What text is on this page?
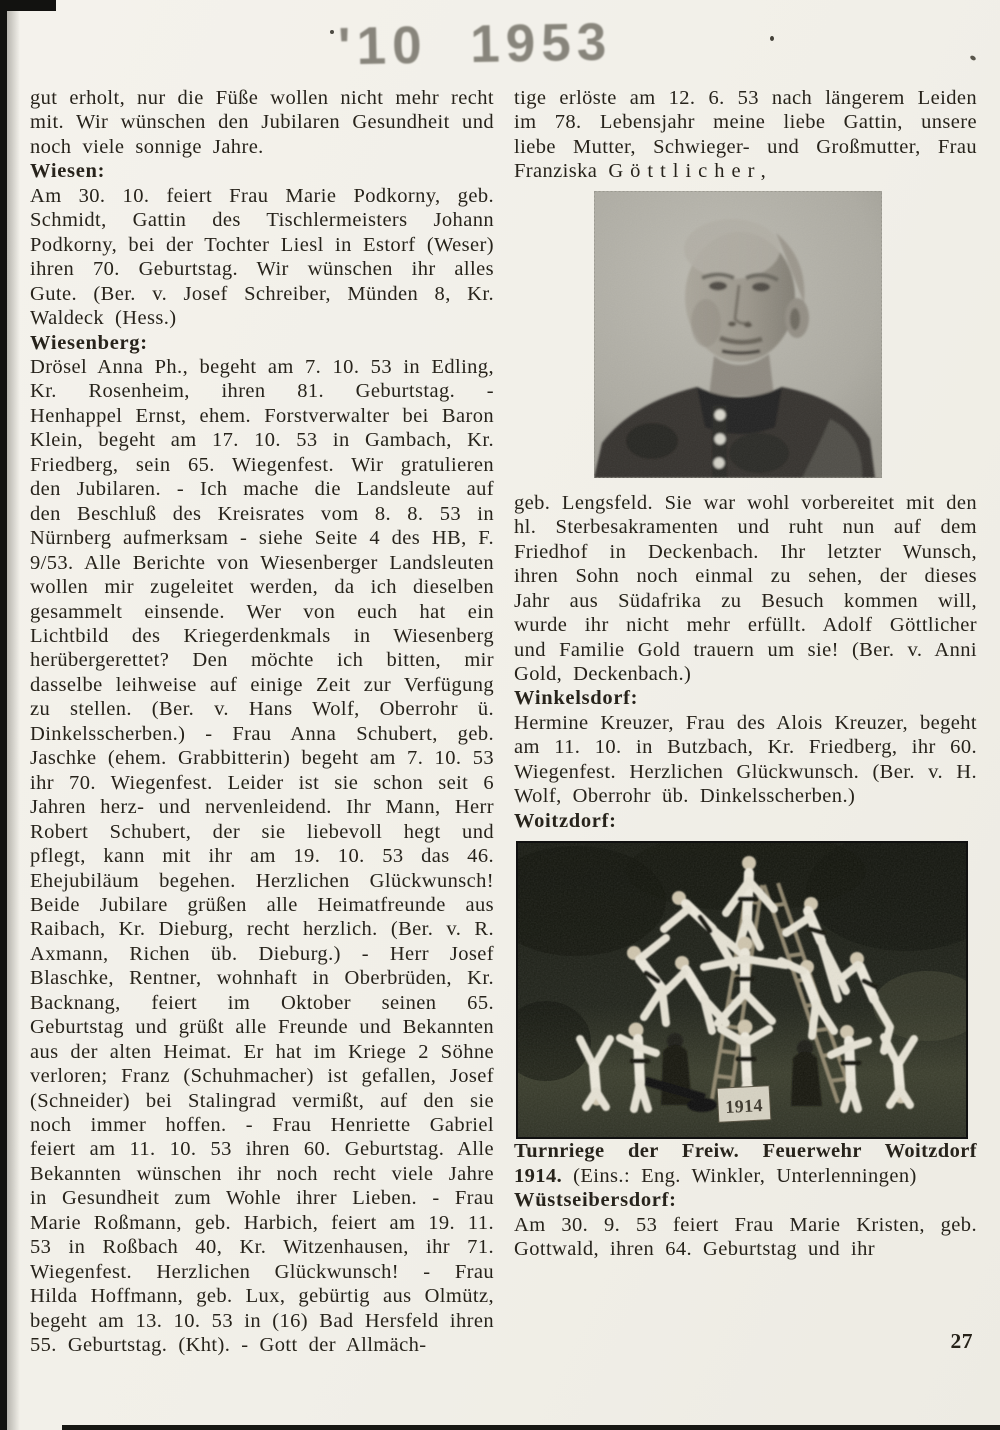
'10 1953

gut erholt, nur die Füße wollen nicht mehr recht mit. Wir wünschen den Jubilaren Gesundheit und noch viele sonnige Jahre.

Wiesen:

Am 30. 10. feiert Frau Marie Podkorny, geb. Schmidt, Gattin des Tischlermeisters Johann Podkorny, bei der Tochter Liesl in Estorf (Weser) ihren 70. Geburtstag. Wir wünschen ihr alles Gute. (Ber. v. Josef Schreiber, Münden 8, Kr. Waldeck (Hess.)

Wiesenberg:

Drösel Anna Ph., begeht am 7. 10. 53 in Edling, Kr. Rosenheim, ihren 81. Geburtstag. - Henhappel Ernst, ehem. Forstverwalter bei Baron Klein, begeht am 17. 10. 53 in Gambach, Kr. Friedberg, sein 65. Wiegenfest. Wir gratulieren den Jubilaren. - Ich mache die Landsleute auf den Beschluß des Kreisrates vom 8. 8. 53 in Nürnberg aufmerksam - siehe Seite 4 des HB, F. 9/53. Alle Berichte von Wiesenberger Landsleuten wollen mir zugeleitet werden, da ich dieselben gesammelt einsende. Wer von euch hat ein Lichtbild des Kriegerdenkmals in Wiesenberg herübergerettet? Den möchte ich bitten, mir dasselbe leihweise auf einige Zeit zur Verfügung zu stellen. (Ber. v. Hans Wolf, Oberrohr ü. Dinkelsscherben.) - Frau Anna Schubert, geb. Jaschke (ehem. Grabbitterin) begeht am 7. 10. 53 ihr 70. Wiegenfest. Leider ist sie schon seit 6 Jahren herz- und nervenleidend. Ihr Mann, Herr Robert Schubert, der sie liebevoll hegt und pflegt, kann mit ihr am 19. 10. 53 das 46. Ehejubiläum begehen. Herzlichen Glückwunsch! Beide Jubilare grüßen alle Heimatfreunde aus Raibach, Kr. Dieburg, recht herzlich. (Ber. v. R. Axmann, Richen üb. Dieburg.) - Herr Josef Blaschke, Rentner, wohnhaft in Oberbrüden, Kr. Backnang, feiert im Oktober seinen 65. Geburtstag und grüßt alle Freunde und Bekannten aus der alten Heimat. Er hat im Kriege 2 Söhne verloren; Franz (Schuhmacher) ist gefallen, Josef (Schneider) bei Stalingrad vermißt, auf den sie noch immer hoffen. - Frau Henriette Gabriel feiert am 11. 10. 53 ihren 60. Geburtstag. Alle Bekannten wünschen ihr noch recht viele Jahre in Gesundheit zum Wohle ihrer Lieben. - Frau Marie Roßmann, geb. Harbich, feiert am 19. 11. 53 in Roßbach 40, Kr. Witzenhausen, ihr 71. Wiegenfest. Herzlichen Glückwunsch! - Frau Hilda Hoffmann, geb. Lux, gebürtig aus Olmütz, begeht am 13. 10. 53 in (16) Bad Hersfeld ihren 55. Geburtstag. (Kht). - Gott der Allmäch-

tige erlöste am 12. 6. 53 nach längerem Leiden im 78. Lebensjahr meine liebe Gattin, unsere liebe Mutter, Schwieger- und Großmutter, Frau Franziska Göttlicher,

geb. Lengsfeld. Sie war wohl vorbereitet mit den hl. Sterbesakramenten und ruht nun auf dem Friedhof in Deckenbach. Ihr letzter Wunsch, ihren Sohn noch einmal zu sehen, der dieses Jahr aus Südafrika zu Besuch kommen will, wurde ihr nicht mehr erfüllt. Adolf Göttlicher und Familie Gold trauern um sie! (Ber. v. Anni Gold, Deckenbach.)

Winkelsdorf:

Hermine Kreuzer, Frau des Alois Kreuzer, begeht am 11. 10. in Butzbach, Kr. Friedberg, ihr 60. Wiegenfest. Herzlichen Glückwunsch. (Ber. v. H. Wolf, Oberrohr üb. Dinkelsscherben.)

Woitzdorf:

1914

Turnriege der Freiw. Feuerwehr Woitzdorf 1914. (Eins.: Eng. Winkler, Unterlenningen)

Wüstseibersdorf:

Am 30. 9. 53 feiert Frau Marie Kristen, geb. Gottwald, ihren 64. Geburtstag und ihr

27
